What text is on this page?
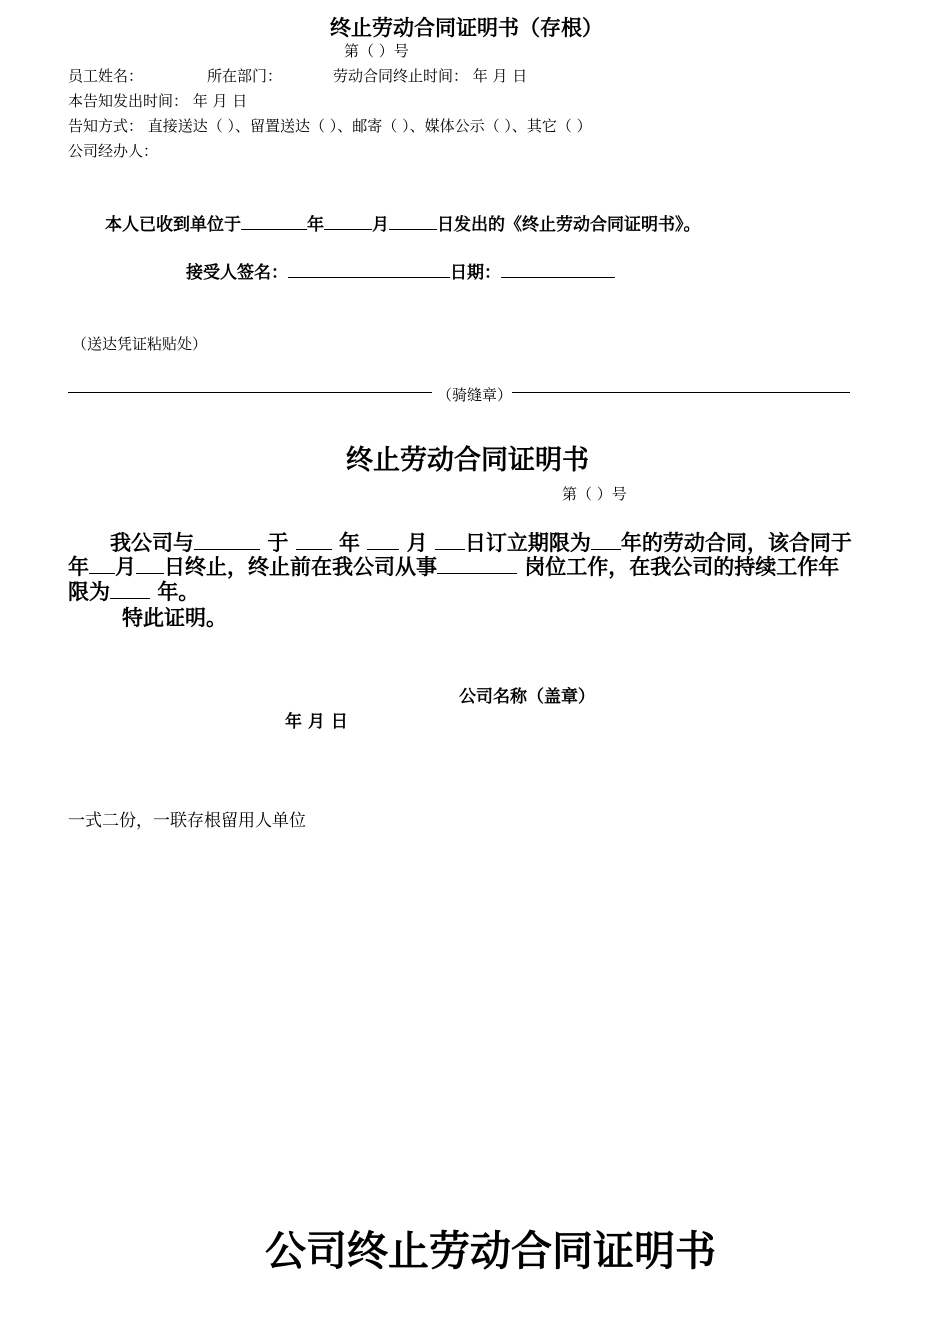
终止劳动合同证明书（存根）
第（ ）号
员工姓名：	所在部门：	劳动合同终止时间： 年 月 日
本告知发出时间： 年 月 日
告知方式： 直接送达（ ）、留置送达（ ）、邮寄（ ）、媒体公示（ ）、其它（ ）
公司经办人：
本人已收到单位于	年	月	日发出的《终止劳动合同证明书》。
接受人签名：	日期：
（送达凭证粘贴处）
（骑缝章）
终止劳动合同证明书
第（ ）号
我公司与	于 年 月 日订立期限为 年的劳动合同，该合同于
年 月 日终止，终止前在我公司从事	岗位工作，在我公司的持续工作年
限为 年。
特此证明。
公司名称（盖章）
年 月 日
一式二份，一联存根留用人单位
公司终止劳动合同证明书
